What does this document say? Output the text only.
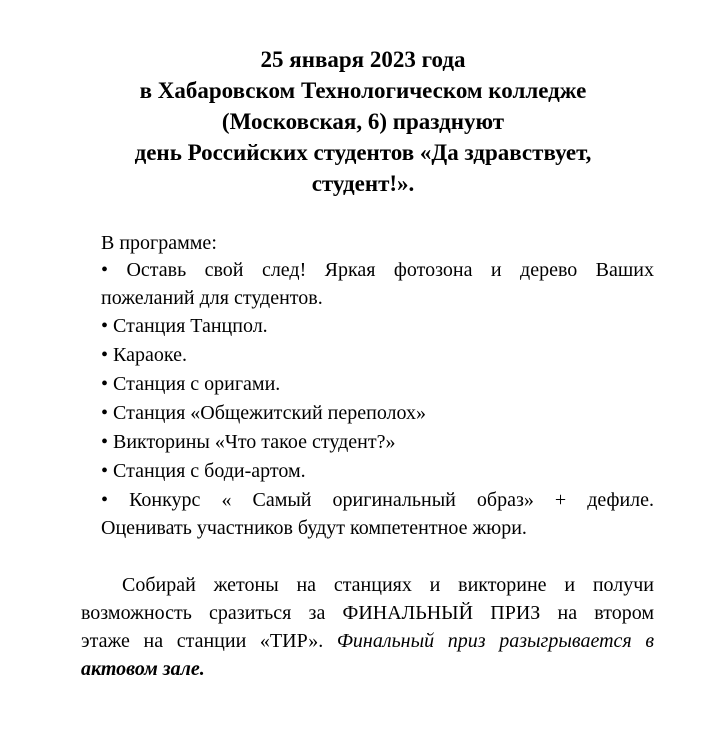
25 января 2023 года
в Хабаровском Технологическом колледже
(Московская, 6) празднуют
день Российских студентов «Да здравствует,
студент!».

В программе:

• Оставь свой след! Яркая фотозона и дерево Ваших
пожеланий для студентов.

• Станция Танцпол.

• Караоке.

• Станция с оригами.

• Станция «Общежитский переполох»

• Викторины «Что такое студент?»

• Станция с боди-артом.

• Конкурс « Самый оригинальный образ» + дефиле.
Оценивать участников будут компетентное жюри.
Собирай жетоны на станциях и викторине и получи
возможность сразиться за ФИНАЛЬНЫЙ ПРИЗ на втором
этаже на станции «ТИР». Финальный приз разыгрывается в
актовом зале.
